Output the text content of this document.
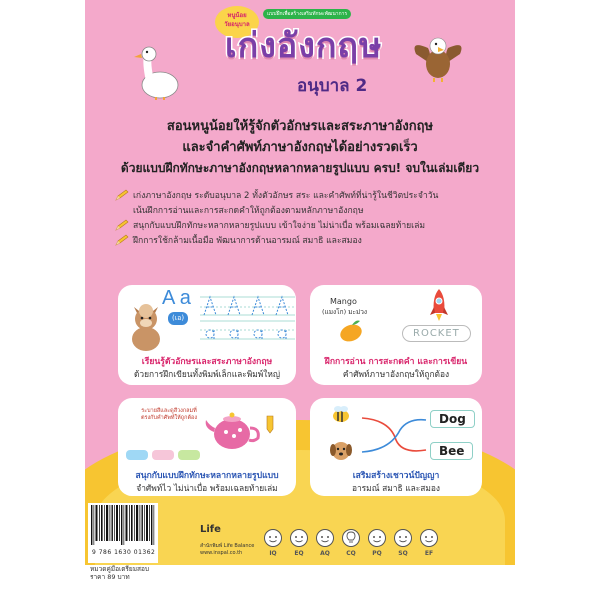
หนูน้อย
วัยอนุบาล
แบบฝึกเพื่อสร้างเสริมทักษะพัฒนาการ
เก่งอังกฤษ
อนุบาล 2
สอนหนูน้อยให้รู้จักตัวอักษรและสระภาษาอังกฤษ
และจำคำศัพท์ภาษาอังกฤษได้อย่างรวดเร็ว
ด้วยแบบฝึกทักษะภาษาอังกฤษหลากหลายรูปแบบ ครบ! จบในเล่มเดียว
เก่งภาษาอังกฤษ ระดับอนุบาล 2 ทั้งตัวอักษร สระ และคำศัพท์ที่น่ารู้ในชีวิตประจำวัน
เน้นฝึกการอ่านและการสะกดคำให้ถูกต้องตามหลักภาษาอังกฤษ
สนุกกับแบบฝึกทักษะหลากหลายรูปแบบ เข้าใจง่าย ไม่น่าเบื่อ พร้อมเฉลยท้ายเล่ม
ฝึกการใช้กล้ามเนื้อมือ พัฒนาการด้านอารมณ์ สมาธิ และสมอง
A a
(เอ)
เรียนรู้ตัวอักษรและสระภาษาอังกฤษ
ด้วยการฝึกเขียนทั้งพิมพ์เล็กและพิมพ์ใหญ่
Mango
(แมงโก) มะม่วง
ROCKET
ฝึกการอ่าน การสะกดคำ และการเขียน
คำศัพท์ภาษาอังกฤษให้ถูกต้อง
ระบายสีและดูสีวงกลมที่ตรงกับคำศัพท์ให้ถูกต้อง
สนุกกับแบบฝึกทักษะหลากหลายรูปแบบ
จำศัพท์ไว ไม่น่าเบื่อ พร้อมเฉลยท้ายเล่ม
Dog
Bee
เสริมสร้างเชาวน์ปัญญา
อารมณ์ สมาธิ และสมอง
Life
สำนักพิมพ์ Life Balance
www.inspal.co.th	IQ	EQ	AQ	CQ	PQ	SQ	EF
9 786 1630 01362
หมวดคู่มือเตรียมสอบ
ราคา 89 บาท
